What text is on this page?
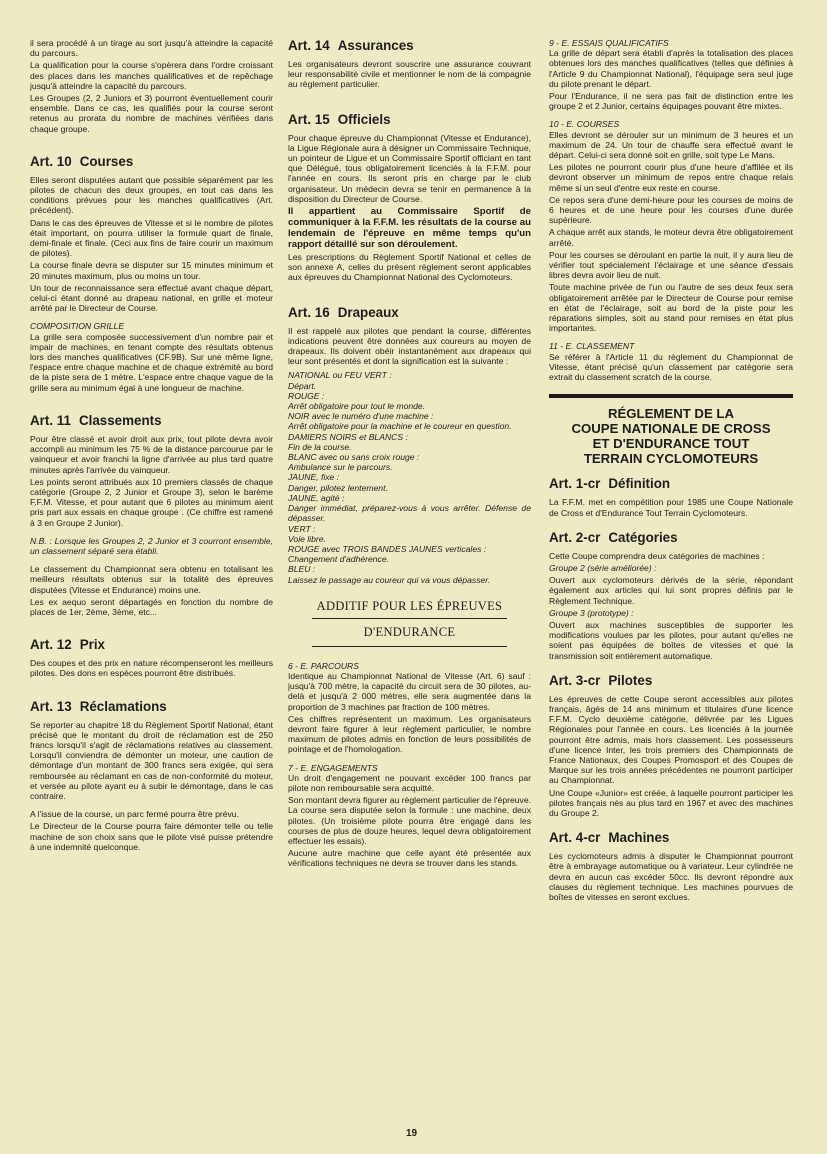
il sera procédé à un tirage au sort jusqu'à atteindre la capacité du parcours.

La qualification pour la course s'opèrera dans l'ordre croissant des places dans les manches qualificatives et de repêchage jusqu'à atteindre la capacité du parcours.

Les Groupes (2, 2 Juniors et 3) pourront éventuellement courir ensemble. Dans ce cas, les qualifiés pour la course seront retenus au prorata du nombre de machines vérifiées dans chaque groupe.

Art. 10 Courses

Elles seront disputées autant que possible séparément par les pilotes de chacun des deux groupes, en tout cas dans les conditions prévues pour les manches qualificatives (Art. précédent).

Dans le cas des épreuves de Vitesse et si le nombre de pilotes était important, on pourra utiliser la formule quart de finale, demi-finale et finale. (Ceci aux fins de faire courir un maximum de pilotes).

La course finale devra se disputer sur 15 minutes minimum et 20 minutes maximum, plus ou moins un tour.

Un tour de reconnaissance sera effectué avant chaque départ, celui-ci étant donné au drapeau national, en grille et moteur arrêté par le Directeur de Course.

COMPOSITION GRILLE

La grille sera composée successivement d'un nombre pair et impair de machines, en tenant compte des résultats obtenus lors des manches qualificatives (CF.9B). Sur une même ligne, l'espace entre chaque machine et de chaque extrémité au bord de la piste sera de 1 mètre. L'espace entre chaque vague de la grille sera au minimum égal à une longueur de machine.

Art. 11 Classements

Pour être classé et avoir droit aux prix, tout pilote devra avoir accompli au minimum les 75 % de la distance parcourue par le vainqueur et avoir franchi la ligne d'arrivée au plus tard quatre minutes après l'arrivée du vainqueur.

Les points seront attribués aux 10 premiers classés de chaque catégorie (Groupe 2, 2 Junior et Groupe 3), selon le barème F.F.M. Vitesse, et pour autant que 6 pilotes au minimum aient pris part aux essais en chaque groupe . (Ce chiffre est ramené à 3 en Groupe 2 Junior).

N.B. : Lorsque les Groupes 2, 2 Junior et 3 courront ensemble, un classement séparé sera établi.

Le classement du Championnat sera obtenu en totalisant les meilleurs résultats obtenus sur la totalité des épreuves disputées (Vitesse et Endurance) moins une.

Les ex aequo seront départagés en fonction du nombre de places de 1er, 2ème, 3ème, etc...

Art. 12 Prix

Des coupes et des prix en nature récompenseront les meilleurs pilotes. Des dons en espèces pourront être distribués.

Art. 13 Réclamations

Se reporter au chapitre 18 du Règlement Sportif National, étant précisé que le montant du droit de réclamation est de 250 francs lorsqu'il s'agit de réclamations relatives au classement. Lorsqu'il conviendra de démonter un moteur, une caution de démontage d'un montant de 300 francs sera exigée, qui sera remboursée au réclamant en cas de non-conformité du moteur, et versée au pilote ayant eu à subir le démontage, dans le cas contraire.

A l'issue de la course, un parc fermé pourra être prévu.

Le Directeur de la Course pourra faire démonter telle ou telle machine de son choix sans que le pilote visé puisse prétendre à une indemnité quelconque.

Art. 14 Assurances

Les organisateurs devront souscrire une assurance couvrant leur responsabilité civile et mentionner le nom de la compagnie au règlement particulier.

Art. 15 Officiels

Pour chaque épreuve du Championnat (Vitesse et Endurance), la Ligue Régionale aura à désigner un Commissaire Technique, un pointeur de Ligue et un Commissaire Sportif officiant en tant que Délégué, tous obligatoirement licenciés à la F.F.M. pour l'année en cours. Ils seront pris en charge par le club organisateur. Un médecin devra se tenir en permanence à la disposition du Directeur de Course.

Il appartient au Commissaire Sportif de communiquer à la F.F.M. les résultats de la course au lendemain de l'épreuve en même temps qu'un rapport détaillé sur son déroulement.

Les prescriptions du Règlement Sportif National et celles de son annexe A, celles du présent règlement seront applicables aux épreuves du Championnat National des Cyclomoteurs.

Art. 16 Drapeaux

Il est rappelé aux pilotes que pendant la course, différentes indications peuvent être données aux coureurs au moyen de drapeaux. Ils doivent obéir instantanément aux drapeaux qui leur sont présentés et dont la signification est la suivante :

NATIONAL ou FEU VERT :

Départ.

ROUGE :

Arrêt obligatoire pour tout le monde.

NOIR avec le numéro d'une machine :

Arrêt obligatoire pour la machine et le coureur en question.

DAMIERS NOIRS et BLANCS :

Fin de la course.

BLANC avec ou sans croix rouge :

Ambulance sur le parcours.

JAUNE, fixe :

Danger, pilotez lentement.

JAUNE, agité :

Danger immédiat, préparez-vous à vous arrêter. Défense de dépasser.

VERT :

Voie libre.

ROUGE avec TROIS BANDES JAUNES verticales :

Changement d'adhérence.

BLEU :

Laissez le passage au coureur qui va vous dépasser.

ADDITIF POUR LES ÉPREUVES
D'ENDURANCE
6 - E. PARCOURS

Identique au Championnat National de Vitesse (Art. 6) sauf : jusqu'à 700 mètre, la capacité du circuit sera de 30 pilotes, au-delà et jusqu'à 2 000 mètres, elle sera augmentée dans la proportion de 3 machines par fraction de 100 mètres.

Ces chiffres représentent un maximum. Les organisateurs devront faire figurer à leur règlement particulier, le nombre maximum de pilotes admis en fonction de leurs possibilités de pointage et de l'homologation.

7 - E. ENGAGEMENTS

Un droit d'engagement ne pouvant excéder 100 francs par pilote non remboursable sera acquitté.

Son montant devra figurer au règlement particulier de l'épreuve. La course sera disputée selon la formule : une machine, deux pilotes. (Un troisième pilote pourra être engagé dans les courses de plus de douze heures, lequel devra obligatoirement effectuer les essais).

Aucune autre machine que celle ayant été présentée aux vérifications techniques ne devra se trouver dans les stands.

9 - E. ESSAIS QUALIFICATIFS

La grille de départ sera établi d'après la totalisation des places obtenues lors des manches qualificatives (telles que définies à l'Article 9 du Championnat National), l'équipage sera seul juge du pilote prenant le départ.

Pour l'Endurance, il ne sera pas fait de distinction entre les groupe 2 et 2 Junior, certains équipages pouvant être mixtes.

10 - E. COURSES

Elles devront se dérouler sur un minimum de 3 heures et un maximum de 24. Un tour de chauffe sera effectué avant le départ. Celui-ci sera donné soit en grille, soit type Le Mans.

Les pilotes ne pourront courir plus d'une heure d'affilée et ils devront observer un minimum de repos entre chaque relais même si un seul d'entre eux reste en course.

Ce repos sera d'une demi-heure pour les courses de moins de 6 heures et de une heure pour les courses d'une durée supérieure.

A chaque arrêt aux stands, le moteur devra être obligatoirement arrêté.

Pour les courses se déroulant en partie la nuit, il y aura lieu de vérifier tout spécialement l'éclairage et une séance d'essais libres devra avoir lieu de nuit.

Toute machine privée de l'un ou l'autre de ses deux feux sera obligatoirement arrêtée par le Directeur de Course pour remise en état de l'éclairage, soit au bord de la piste pour les réparations simples, soit au stand pour remises en état plus importantes.

11 - E. CLASSEMENT

Se référer à l'Article 11 du règlement du Championnat de Vitesse, étant précisé qu'un classement par catégorie sera extrait du classement scratch de la course.

RÉGLEMENT DE LA
COUPE NATIONALE DE CROSS
ET D'ENDURANCE TOUT
TERRAIN CYCLOMOTEURS
Art. 1-cr Définition

La F.F.M. met en compétition pour 1985 une Coupe Nationale de Cross et d'Endurance Tout Terrain Cyclomoteurs.

Art. 2-cr Catégories

Cette Coupe comprendra deux catégories de machines :

Groupe 2 (série améliorée) :

Ouvert aux cyclomoteurs dérivés de la série, répondant également aux articles qui lui sont propres définis par le Règlement Technique.

Groupe 3 (prototype) :

Ouvert aux machines susceptibles de supporter les modifications voulues par les pilotes, pour autant qu'elles ne soient pas équipées de boîtes de vitesses et que la transmission soit entièrement automatique.

Art. 3-cr Pilotes

Les épreuves de cette Coupe seront accessibles aux pilotes français, âgés de 14 ans minimum et titulaires d'une licence F.F.M. Cyclo deuxième catégorie, délivrée par les Ligues Régionales pour l'année en cours. Les licenciés à la journée pourront être admis, mais hors classement. Les possesseurs d'une licence Inter, les trois premiers des Championnats de France Nationaux, des Coupes Promosport et des Coupes de Marque sur les trois années précédentes ne pourront participer au Championnat.

Une Coupe «Junior» est créée, à laquelle pourront participer les pilotes français nés au plus tard en 1967 et avec des machines du Groupe 2.

Art. 4-cr Machines

Les cyclomoteurs admis à disputer le Championnat pourront être à embrayage automatique ou à variateur. Leur cylindrée ne devra en aucun cas excéder 50cc. Ils devront répondre aux clauses du règlement technique. Les machines pourvues de boîtes de vitesses en seront exclues.

19
